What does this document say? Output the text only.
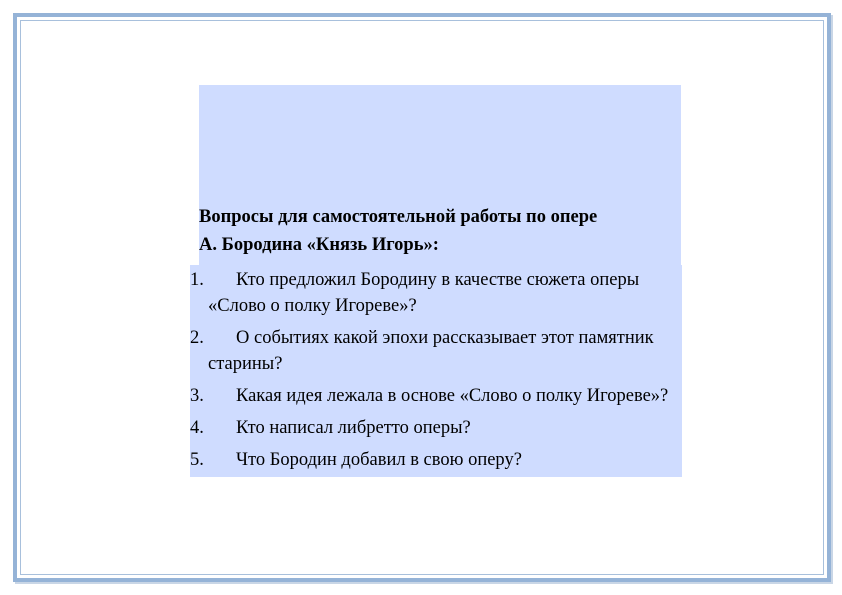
Вопросы для самостоятельной работы по опере
А. Бородина «Князь Игорь»:
1.	Кто предложил Бородину в качестве сюжета оперы «Слово о полку Игореве»?
2.	О событиях какой эпохи рассказывает этот памятник старины?
3.	Какая идея лежала в основе «Слово о полку Игореве»?
4.	Кто написал либретто оперы?
5.	Что Бородин добавил в свою оперу?
